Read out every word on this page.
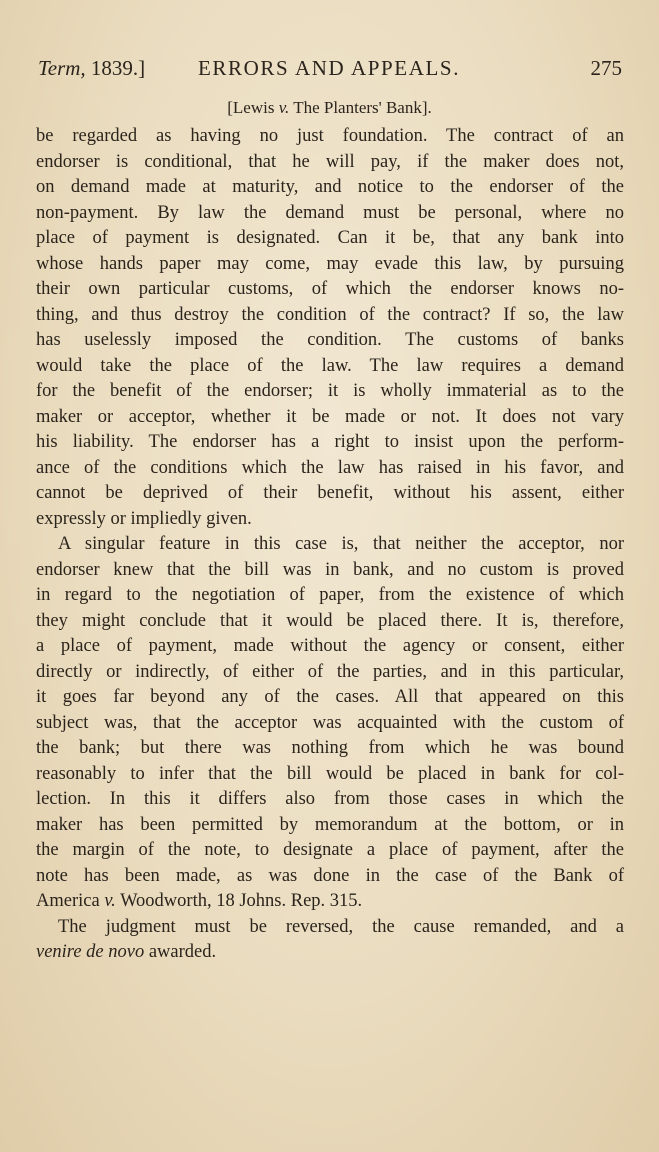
Term, 1839.]	ERRORS AND APPEALS.	275
[Lewis v. The Planters' Bank].
be regarded as having no just foundation. The contract of an
endorser is conditional, that he will pay, if the maker does not,
on demand made at maturity, and notice to the endorser of the
non-payment. By law the demand must be personal, where no
place of payment is designated. Can it be, that any bank into
whose hands paper may come, may evade this law, by pursuing
their own particular customs, of which the endorser knows no-
thing, and thus destroy the condition of the contract? If so, the law
has uselessly imposed the condition. The customs of banks
would take the place of the law. The law requires a demand
for the benefit of the endorser; it is wholly immaterial as to the
maker or acceptor, whether it be made or not. It does not vary
his liability. The endorser has a right to insist upon the perform-
ance of the conditions which the law has raised in his favor, and
cannot be deprived of their benefit, without his assent, either
expressly or impliedly given.
A singular feature in this case is, that neither the acceptor, nor
endorser knew that the bill was in bank, and no custom is proved
in regard to the negotiation of paper, from the existence of which
they might conclude that it would be placed there. It is, therefore,
a place of payment, made without the agency or consent, either
directly or indirectly, of either of the parties, and in this particular,
it goes far beyond any of the cases. All that appeared on this
subject was, that the acceptor was acquainted with the custom of
the bank; but there was nothing from which he was bound
reasonably to infer that the bill would be placed in bank for col-
lection. In this it differs also from those cases in which the
maker has been permitted by memorandum at the bottom, or in
the margin of the note, to designate a place of payment, after the
note has been made, as was done in the case of the Bank of
America v. Woodworth, 18 Johns. Rep. 315.
The judgment must be reversed, the cause remanded, and a
venire de novo awarded.
